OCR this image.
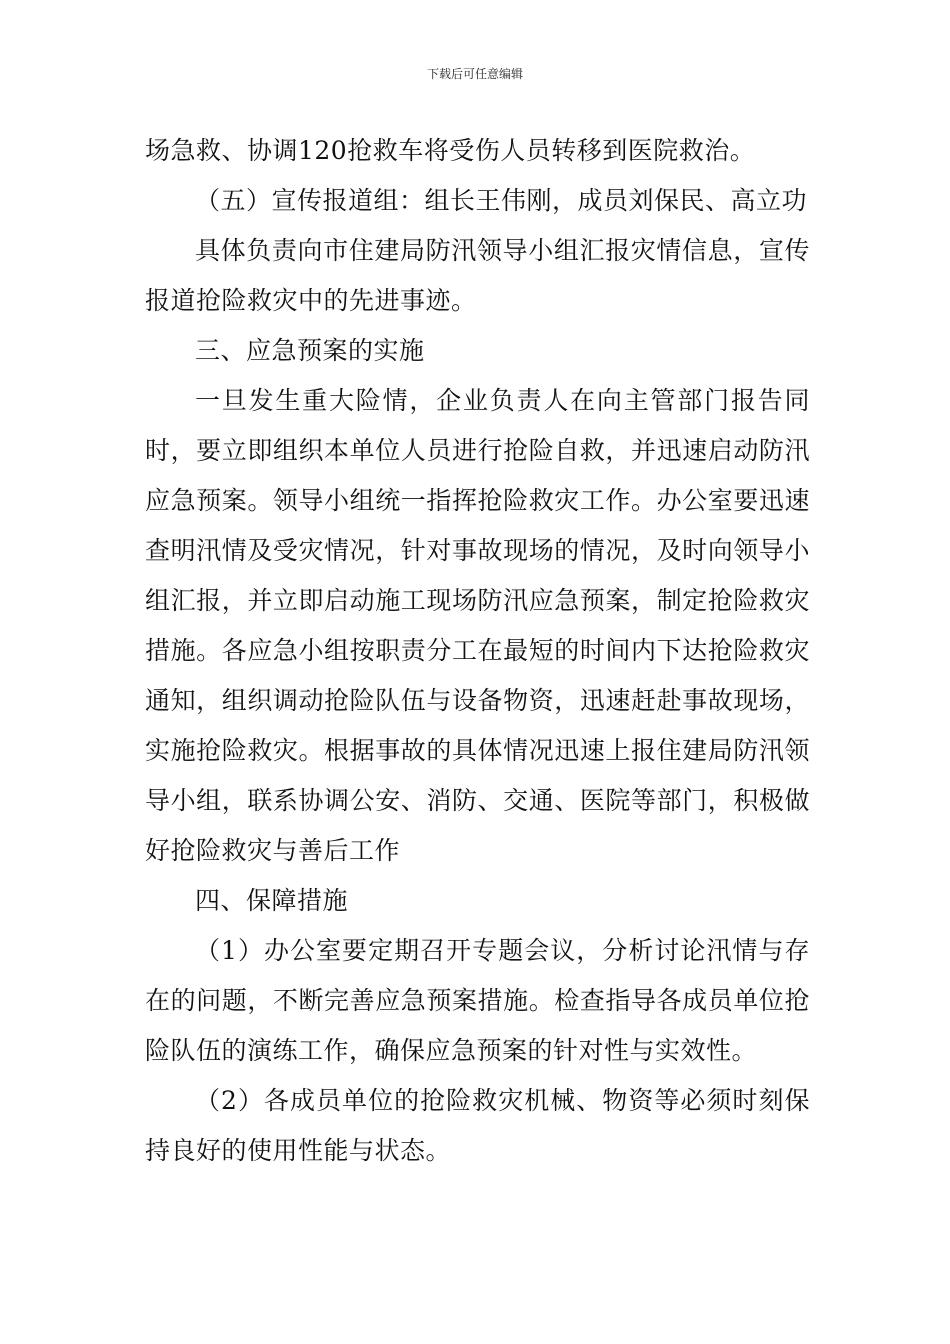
下载后可任意编辑

场急救、协调120抢救车将受伤人员转移到医院救治。

（五）宣传报道组：组长王伟刚，成员刘保民、高立功

具体负责向市住建局防汛领导小组汇报灾情信息，宣传报道抢险救灾中的先进事迹。

三、应急预案的实施

一旦发生重大险情，企业负责人在向主管部门报告同时，要立即组织本单位人员进行抢险自救，并迅速启动防汛应急预案。领导小组统一指挥抢险救灾工作。办公室要迅速查明汛情及受灾情况，针对事故现场的情况，及时向领导小组汇报，并立即启动施工现场防汛应急预案，制定抢险救灾措施。各应急小组按职责分工在最短的时间内下达抢险救灾通知，组织调动抢险队伍与设备物资，迅速赶赴事故现场，实施抢险救灾。根据事故的具体情况迅速上报住建局防汛领导小组，联系协调公安、消防、交通、医院等部门，积极做好抢险救灾与善后工作

四、保障措施

（1）办公室要定期召开专题会议，分析讨论汛情与存在的问题，不断完善应急预案措施。检查指导各成员单位抢险队伍的演练工作，确保应急预案的针对性与实效性。

（2）各成员单位的抢险救灾机械、物资等必须时刻保持良好的使用性能与状态。
